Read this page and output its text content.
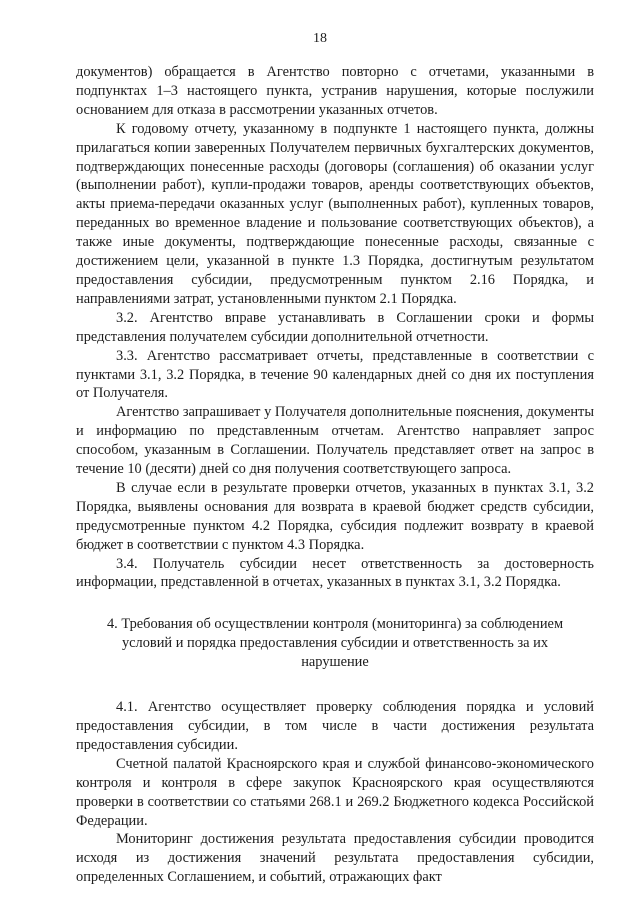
18

документов) обращается в Агентство повторно с отчетами, указанными в подпунктах 1–3 настоящего пункта, устранив нарушения, которые послужили основанием для отказа в рассмотрении указанных отчетов.

К годовому отчету, указанному в подпункте 1 настоящего пункта, должны прилагаться копии заверенных Получателем первичных бухгалтерских документов, подтверждающих понесенные расходы (договоры (соглашения) об оказании услуг (выполнении работ), купли-продажи товаров, аренды соответствующих объектов, акты приема-передачи оказанных услуг (выполненных работ), купленных товаров, переданных во временное владение и пользование соответствующих объектов), а также иные документы, подтверждающие понесенные расходы, связанные с достижением цели, указанной в пункте 1.3 Порядка, достигнутым результатом предоставления субсидии, предусмотренным пунктом 2.16 Порядка, и направлениями затрат, установленными пунктом 2.1 Порядка.

3.2. Агентство вправе устанавливать в Соглашении сроки и формы представления получателем субсидии дополнительной отчетности.

3.3. Агентство рассматривает отчеты, представленные в соответствии с пунктами 3.1, 3.2 Порядка, в течение 90 календарных дней со дня их поступления от Получателя.

Агентство запрашивает у Получателя дополнительные пояснения, документы и информацию по представленным отчетам. Агентство направляет запрос способом, указанным в Соглашении. Получатель представляет ответ на запрос в течение 10 (десяти) дней со дня получения соответствующего запроса.

В случае если в результате проверки отчетов, указанных в пунктах 3.1, 3.2 Порядка, выявлены основания для возврата в краевой бюджет средств субсидии, предусмотренные пунктом 4.2 Порядка, субсидия подлежит возврату в краевой бюджет в соответствии с пунктом 4.3 Порядка.

3.4. Получатель субсидии несет ответственность за достоверность информации, представленной в отчетах, указанных в пунктах 3.1, 3.2 Порядка.

4. Требования об осуществлении контроля (мониторинга) за соблюдением условий и порядка предоставления субсидии и ответственность за их нарушение

4.1. Агентство осуществляет проверку соблюдения порядка и условий предоставления субсидии, в том числе в части достижения результата предоставления субсидии.

Счетной палатой Красноярского края и службой финансово-экономического контроля и контроля в сфере закупок Красноярского края осуществляются проверки в соответствии со статьями 268.1 и 269.2 Бюджетного кодекса Российской Федерации.

Мониторинг достижения результата предоставления субсидии проводится исходя из достижения значений результата предоставления субсидии, определенных Соглашением, и событий, отражающих факт
